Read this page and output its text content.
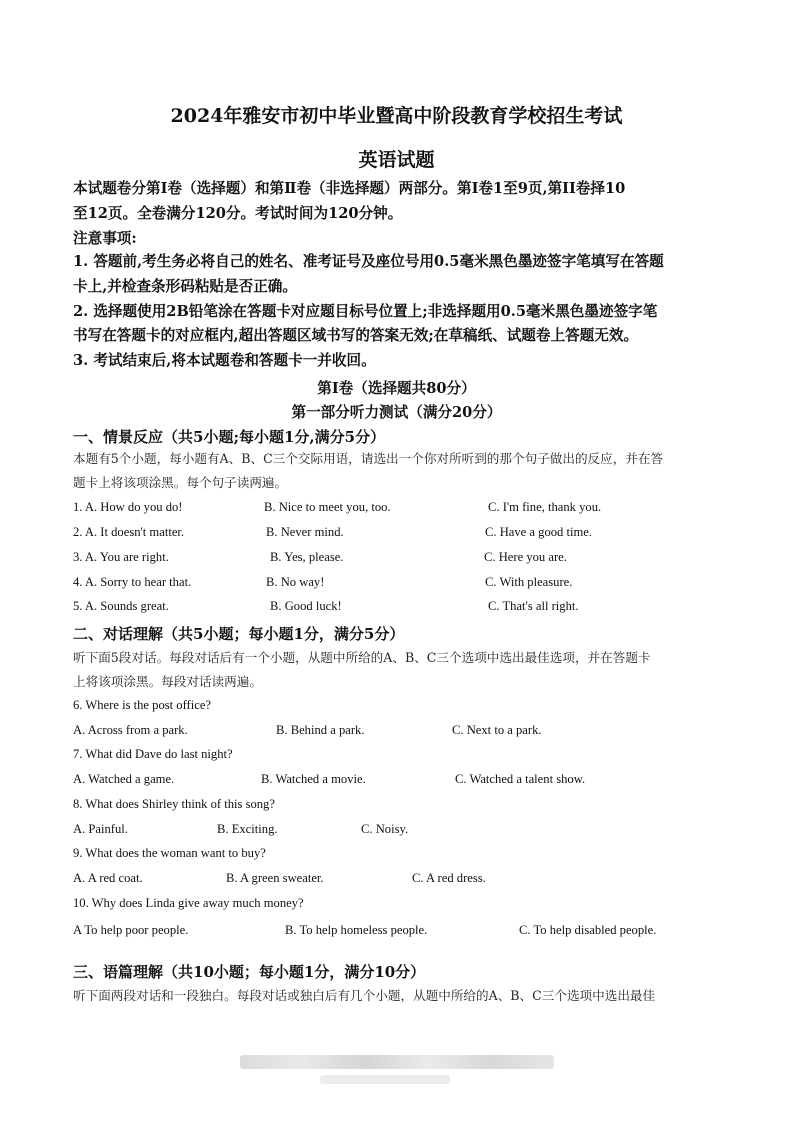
2024年雅安市初中毕业暨高中阶段教育学校招生考试
英语试题
本试题卷分第Ⅰ卷（选择题）和第Ⅱ卷（非选择题）两部分。第Ⅰ卷1至9页,第II卷择10
至12页。全卷满分120分。考试时间为120分钟。
注意事项:
1. 答题前,考生务必将自己的姓名、准考证号及座位号用0.5毫米黑色墨迹签字笔填写在答题
卡上,并检查条形码粘贴是否正确。
2. 选择题使用2B铅笔涂在答题卡对应题目标号位置上;非选择题用0.5毫米黑色墨迹签字笔
书写在答题卡的对应框内,超出答题区域书写的答案无效;在草稿纸、试题卷上答题无效。
3. 考试结束后,将本试题卷和答题卡一并收回。
第Ⅰ卷（选择题共80分）
第一部分听力测试（满分20分）
一、情景反应（共5小题;每小题1分,满分5分）
本题有5个小题，每小题有A、B、C三个交际用语，请选出一个你对所听到的那个句子做出的反应，并在答
题卡上将该项涂黑。每个句子读两遍。
1. A. How do you do!	B. Nice to meet you, too.	C. I'm fine, thank you.
2. A. It doesn't matter.	B. Never mind.	C. Have a good time.
3. A. You are right.	B. Yes, please.	C. Here you are.
4. A. Sorry to hear that.	B. No way!	C. With pleasure.
5. A. Sounds great.	B. Good luck!	C. That's all right.
二、对话理解（共5小题；每小题1分，满分5分）
听下面5段对话。每段对话后有一个小题，从题中所给的A、B、C三个选项中选出最佳选项，并在答题卡
上将该项涂黑。每段对话读两遍。
6. Where is the post office?
A. Across from a park.	B. Behind a park.	C. Next to a park.
7. What did Dave do last night?
A. Watched a game.	B. Watched a movie.	C. Watched a talent show.
8. What does Shirley think of this song?
A. Painful.	B. Exciting.	C. Noisy.
9. What does the woman want to buy?
A. A red coat.	B. A green sweater.	C. A red dress.
10. Why does Linda give away much money?
A To help poor people.	B. To help homeless people.	C. To help disabled people.
三、语篇理解（共10小题；每小题1分，满分10分）
听下面两段对话和一段独白。每段对话或独白后有几个小题，从题中所给的A、B、C三个选项中选出最佳
